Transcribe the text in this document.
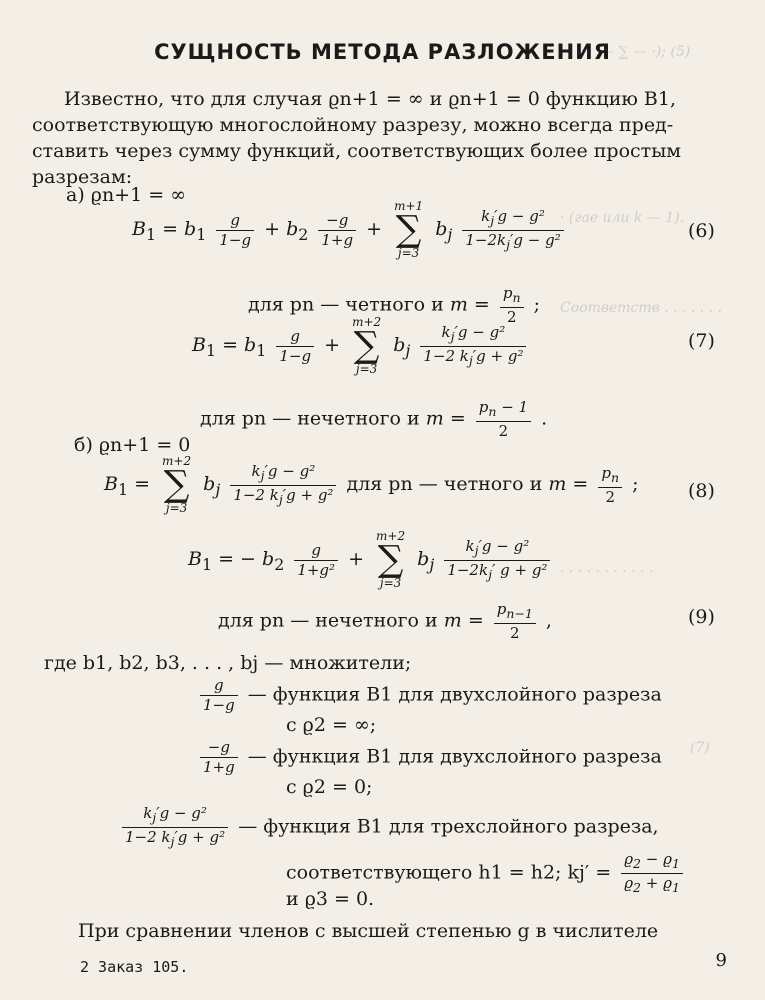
— ∑ — ·); (5)
· (гае или k — 1).
Соответств . . . . . . .
. . . . . . . . . . .
(7)
СУЩНОСТЬ МЕТОДА РАЗЛОЖЕНИЯ
Известно, что для случая ϱn+1 = ∞ и ϱn+1 = 0 функцию B1,
соответствующую многослойному разрезу, можно всегда пред-
ставить через сумму функций, соответствующих более простым
разрезам:
а) ϱn+1 = ∞
$B_1 = b_1 \frac{g}{1-g} + b_2 \frac{-g}{1+g}$ +
m+1
∑
j=3
$b_j \frac{k_j'g - g^2}{1-2k_j'g - g^2}$	(6)
для pn — четного и $m = \frac{p_n}{2}$ ;
$B_1 = b_1 \frac{g}{1-g}$ +
m+2
∑
j=3
$b_j \frac{k_j'g - g^2}{1-2 k_j'g + g^2}$	(7)
для pn — нечетного и $m = \frac{p_n - 1}{2}$ .
б) ϱn+1 = 0
$B_1$ =
m+2
∑
j=3
$b_j \frac{k_j'g - g^2}{1-2 k_j'g + g^2}$ для pn — четного и $m = \frac{p_n}{2}$ ;	(8)
$B_1$ = − $b_2 \frac{g}{\text{1+g²}}$ +
m+2
∑
j=3
$b_j \frac{k_j'g - g^2}{1-2k_j' g + g^2}$
для pn — нечетного и $m = \frac{p_{n-1}}{2}$ ,	(9)
где b1, b2, b3, . . . , bj — множители;
$\frac{g}{1-g}$ — функция B1 для двухслойного разреза
с ϱ2 = ∞;
$\frac{-g}{1+g}$ — функция B1 для двухслойного разреза
с ϱ2 = 0;
$\frac{k_j'g - g^2}{1-2 k_j'g + g^2}$ — функция B1 для трехслойного разреза,
соответствующего h1 = h2; $kj' = \frac{ϱ_2 - ϱ_1}{ϱ_2 + ϱ_1}$
и ϱ3 = 0.
При сравнении членов с высшей степенью g в числителе
2 Заказ 105.	9
